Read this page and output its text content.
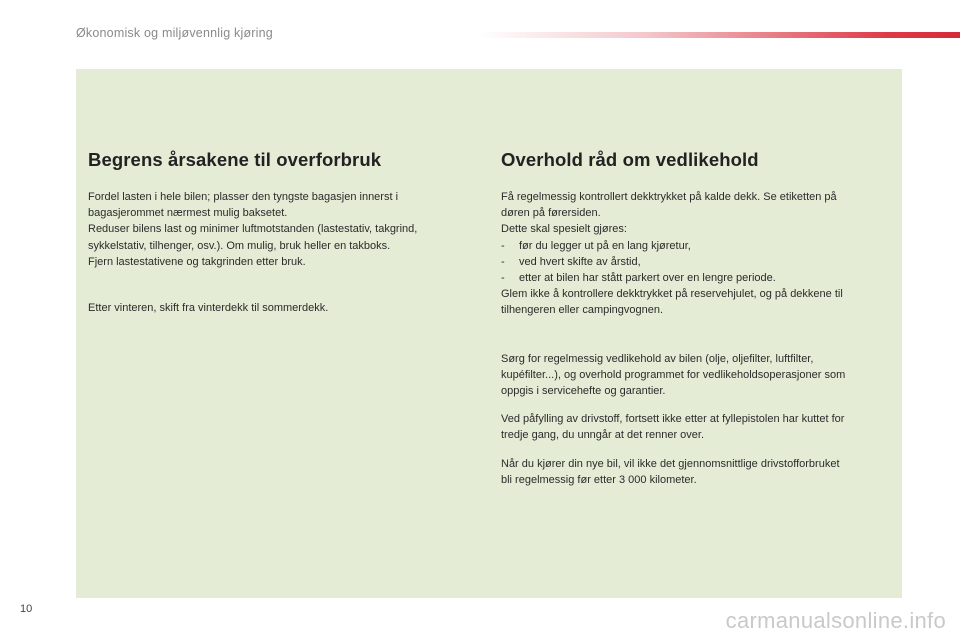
Økonomisk og miljøvennlig kjøring
Begrens årsakene til overforbruk

Fordel lasten i hele bilen; plasser den tyngste bagasjen innerst i
bagasjerommet nærmest mulig baksetet.
Reduser bilens last og minimer luftmotstanden (lastestativ, takgrind,
sykkelstativ, tilhenger, osv.). Om mulig, bruk heller en takboks.
Fjern lastestativene og takgrinden etter bruk.

Etter vinteren, skift fra vinterdekk til sommerdekk.

Overhold råd om vedlikehold

Få regelmessig kontrollert dekktrykket på kalde dekk. Se etiketten på

døren på førersiden.

Dette skal spesielt gjøres:

-	før du legger ut på en lang kjøretur,

-	ved hvert skifte av årstid,

-	etter at bilen har stått parkert over en lengre periode.

Glem ikke å kontrollere dekktrykket på reservehjulet, og på dekkene til

tilhengeren eller campingvognen.

Sørg for regelmessig vedlikehold av bilen (olje, oljefilter, luftfilter,

kupéfilter...), og overhold programmet for vedlikeholdsoperasjoner som

oppgis i servicehefte og garantier.

Ved påfylling av drivstoff, fortsett ikke etter at fyllepistolen har kuttet for

tredje gang, du unngår at det renner over.

Når du kjører din nye bil, vil ikke det gjennomsnittlige drivstofforbruket

bli regelmessig før etter 3 000 kilometer.

10	carmanualsonline.info
